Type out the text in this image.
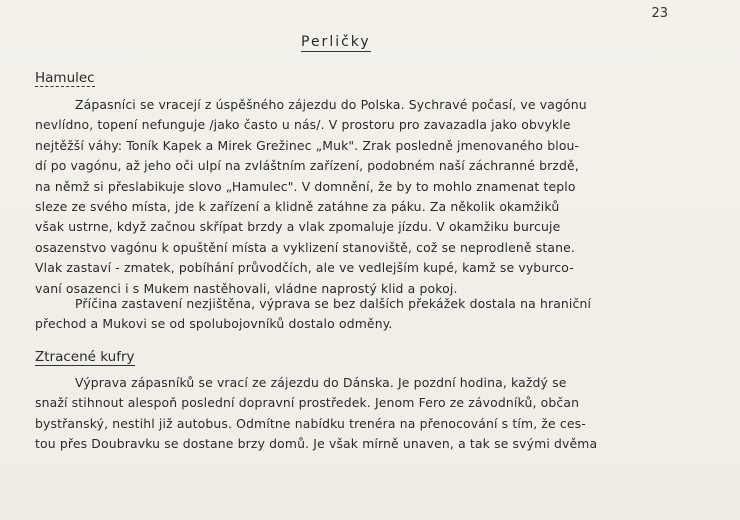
23
Perličky
Hamulec

Zápasníci se vracejí z úspěšného zájezdu do Polska. Sychravé počasí, ve vagónu
nevlídno, topení nefunguje /jako často u nás/. V prostoru pro zavazadla jako obvykle
nejtěžší váhy: Toník Kapek a Mirek Grežinec „Muk". Zrak posledně jmenovaného blou-
dí po vagónu, až jeho oči ulpí na zvláštním zařízení, podobném naší záchranné brzdě,
na němž si přeslabikuje slovo „Hamulec". V domnění, že by to mohlo znamenat teplo
sleze ze svého místa, jde k zařízení a klidně zatáhne za páku. Za několik okamžiků
však ustrne, když začnou skřípat brzdy a vlak zpomaluje jízdu. V okamžiku burcuje
osazenstvo vagónu k opuštění místa a vyklizení stanoviště, což se neprodleně stane.
Vlak zastaví - zmatek, pobíhání průvodčích, ale ve vedlejším kupé, kamž se vyburco-
vaní osazenci i s Mukem nastěhovali, vládne naprostý klid a pokoj.

Příčina zastavení nezjištěna, výprava se bez dalších překážek dostala na hraniční
přechod a Mukovi se od spolubojovníků dostalo odměny.

Ztracené kufry

Výprava zápasníků se vrací ze zájezdu do Dánska. Je pozdní hodina, každý se
snaží stihnout alespoň poslední dopravní prostředek. Jenom Fero ze závodníků, občan
bystřanský, nestihl již autobus. Odmítne nabídku trenéra na přenocování s tím, že ces-
tou přes Doubravku se dostane brzy domů. Je však mírně unaven, a tak se svými dvěma
